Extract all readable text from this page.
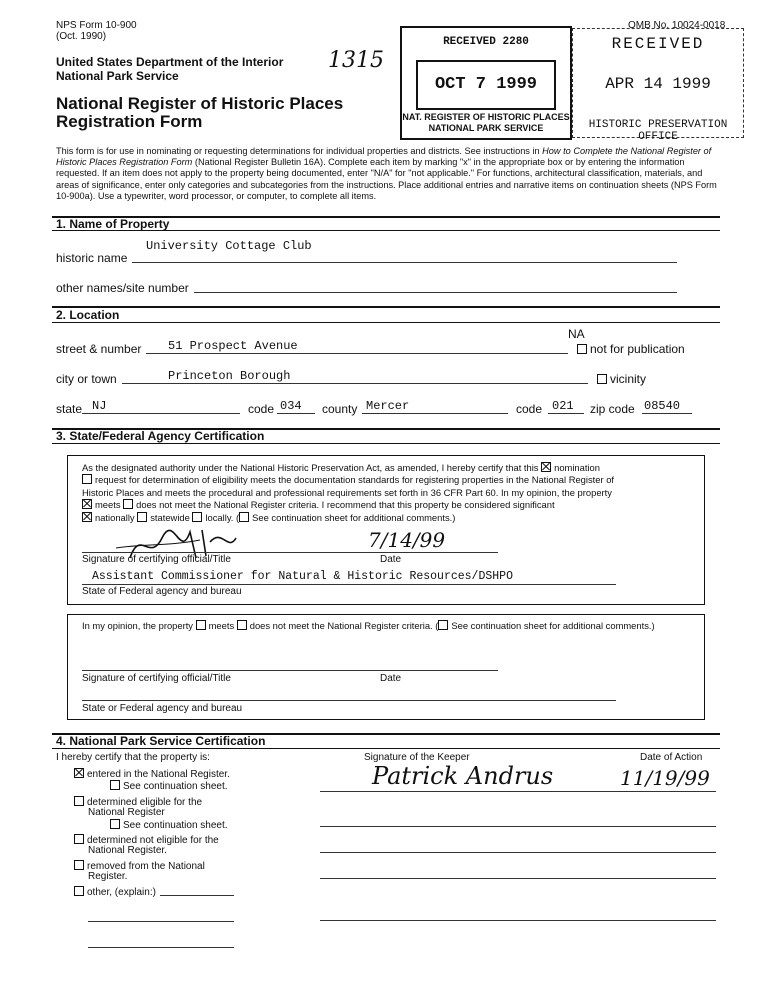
NPS Form 10-900
(Oct. 1990)
OMB No. 10024-0018
United States Department of the Interior
National Park Service
National Register of Historic Places
Registration Form
1315
RECEIVED 2280
OCT 7 1999
NAT. REGISTER OF HISTORIC PLACES
NATIONAL PARK SERVICE
RECEIVED
APR 14 1999
HISTORIC PRESERVATION OFFICE
This form is for use in nominating or requesting determinations for individual properties and districts. See instructions in How to Complete the National Register of Historic Places Registration Form (National Register Bulletin 16A). Complete each item by marking "x" in the appropriate box or by entering the information requested. If an item does not apply to the property being documented, enter "N/A" for "not applicable." For functions, architectural classification, materials, and areas of significance, enter only categories and subcategories from the instructions. Place additional entries and narrative items on continuation sheets (NPS Form 10-900a). Use a typewriter, word processor, or computer, to complete all items.
1. Name of Property
historic name
University Cottage Club
other names/site number
2. Location
NA
street & number 51 Prospect Avenue	not for publication
city or town	Princeton Borough	vicinity
state NJ	code 034 county Mercer	code 021 zip code 08540
3. State/Federal Agency Certification
As the designated authority under the National Historic Preservation Act, as amended, I hereby certify that this nomination
request for determination of eligibility meets the documentation standards for registering properties in the National Register of
Historic Places and meets the procedural and professional requirements set forth in 36 CFR Part 60. In my opinion, the property
meets does not meet the National Register criteria. I recommend that this property be considered significant
nationally statewide locally. ( See continuation sheet for additional comments.)
7/14/99
Signature of certifying official/Title	Date
Assistant Commissioner for Natural & Historic Resources/DSHPO
State of Federal agency and bureau
In my opinion, the property meets does not meet the National Register criteria. ( See continuation sheet for additional comments.)
Signature of certifying official/Title	Date
State or Federal agency and bureau
4. National Park Service Certification
I hereby certify that the property is:	Signature of the Keeper	Date of Action
Patrick Andrus	11/19/99
entered in the National Register.
See continuation sheet.
determined eligible for the
National Register
See continuation sheet.
determined not eligible for the
National Register.
removed from the National
Register.
other, (explain:)
